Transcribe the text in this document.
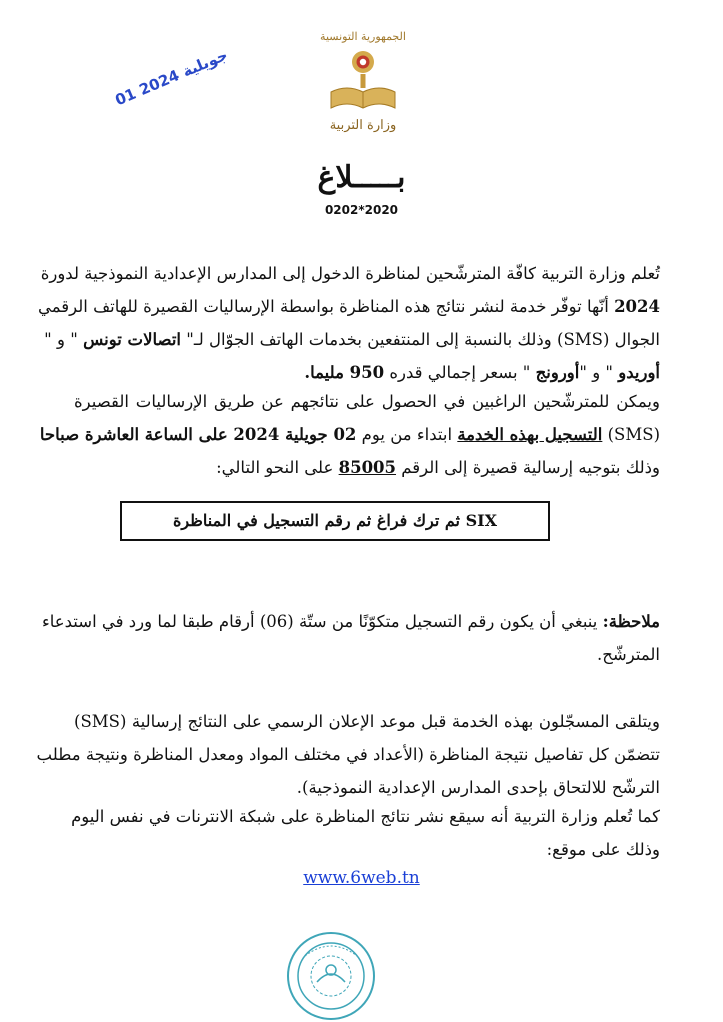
الجمهورية التونسية
وزارة التربية
01 جويلية 2024
بـــــلاغ
0202*2020
تُعلم وزارة التربية كافّة المترشّحين لمناظرة الدخول إلى المدارس الإعدادية النموذجية لدورة
2024 أنّها توفّر خدمة لنشر نتائج هذه المناظرة بواسطة الإرساليات القصيرة للهاتف الرقمي
الجوال (SMS) وذلك بالنسبة إلى المنتفعين بخدمات الهاتف الجوّال لـ" اتصالات تونس " و "
أوريدو " و "أورونج " بسعر إجمالي قدره 950 مليما.
ويمكن للمترشّحين الراغبين في الحصول على نتائجهم عن طريق الإرساليات القصيرة
(SMS) التسجيل بهذه الخدمة ابتداء من يوم 02 جويلية 2024 على الساعة العاشرة صباحا
وذلك بتوجيه إرسالية قصيرة إلى الرقم 85005 على النحو التالي:
SIX ثم ترك فراغ ثم رقم التسجيل في المناظرة
ملاحظة: ينبغي أن يكون رقم التسجيل متكوّنًا من ستّة (06) أرقام طبقا لما ورد في استدعاء
المترشّح.
ويتلقى المسجّلون بهذه الخدمة قبل موعد الإعلان الرسمي على النتائج إرسالية (SMS)
تتضمّن كل تفاصيل نتيجة المناظرة (الأعداد في مختلف المواد ومعدل المناظرة ونتيجة مطلب
الترشّح للالتحاق بإحدى المدارس الإعدادية النموذجية).
كما تُعلم وزارة التربية أنه سيقع نشر نتائج المناظرة على شبكة الانترنات في نفس اليوم
وذلك على موقع:
www.6web.tn
